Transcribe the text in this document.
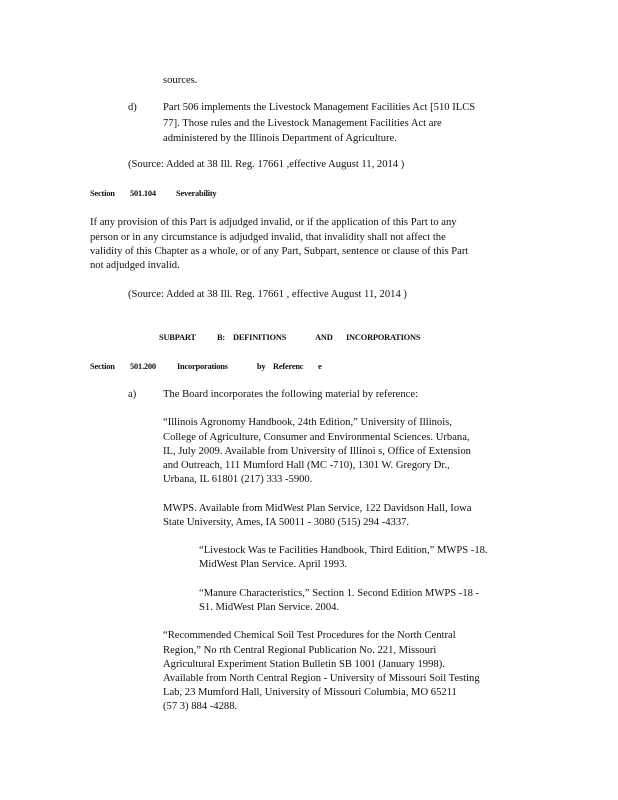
sources.
d) Part 506 implements the Livestock Management Facilities Act [510 ILCS
77]. Those rules and the Livestock Management Facilities Act are
administered by the Illinois Department of Agriculture.
(Source: Added at 38 Ill. Reg. 17661 ,effective August 11, 2014 )
Section 501.104 Severability
If any provision of this Part is adjudged invalid, or if the application of this Part to any
person or in any circumstance is adjudged invalid, that invalidity shall not affect the
validity of this Chapter as a whole, or of any Part, Subpart, sentence or clause of this Part
not adjudged invalid.
(Source: Added at 38 Ill. Reg. 17661 , effective August 11, 2014 )
SUBPART	B: DEFINITIONS	AND INCORPORATIONS
Section 501.200	Incorporations	by Referenc e
a)	The Board incorporates the following material by reference:
“Illinois Agronomy Handbook, 24th Edition,” University of Illinois,
College of Agriculture, Consumer and Environmental Sciences. Urbana,
IL, July 2009. Available from University of Illinoi s, Office of Extension
and Outreach, 111 Mumford Hall (MC -710), 1301 W. Gregory Dr.,
Urbana, IL 61801 (217) 333 -5900.
MWPS. Available from MidWest Plan Service, 122 Davidson Hall, Iowa
State University, Ames, IA 50011 - 3080 (515) 294 -4337.
“Livestock Was te Facilities Handbook, Third Edition,” MWPS -18.
MidWest Plan Service. April 1993.
“Manure Characteristics,” Section 1. Second Edition MWPS -18 -
S1. MidWest Plan Service. 2004.
“Recommended Chemical Soil Test Procedures for the North Central
Region,” No rth Central Regional Publication No. 221, Missouri
Agricultural Experiment Station Bulletin SB 1001 (January 1998).
Available from North Central Region - University of Missouri Soil Testing
Lab, 23 Mumford Hall, University of Missouri Columbia, MO 65211
(57 3) 884 -4288.
